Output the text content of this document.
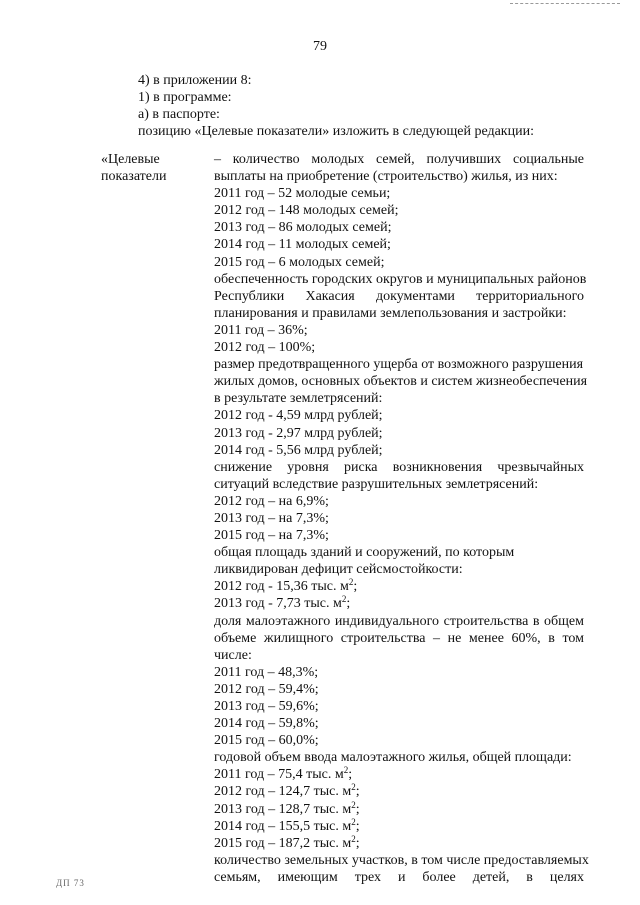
79
4) в приложении 8:
1) в программе:
а) в паспорте:
позицию «Целевые показатели» изложить в следующей редакции:
«Целевые
показатели
– количество молодых семей, получивших социальные
выплаты на приобретение (строительство) жилья, из них:
2011 год – 52 молодые семьи;
2012 год – 148 молодых семей;
2013 год – 86 молодых семей;
2014 год – 11 молодых семей;
2015 год – 6 молодых семей;
обеспеченность городских округов и муниципальных районов
Республики Хакасия документами территориального
планирования и правилами землепользования и застройки:
2011 год – 36%;
2012 год – 100%;
размер предотвращенного ущерба от возможного разрушения
жилых домов, основных объектов и систем жизнеобеспечения
в результате землетрясений:
2012 год - 4,59 млрд рублей;
2013 год - 2,97 млрд рублей;
2014 год - 5,56 млрд рублей;
снижение уровня риска возникновения чрезвычайных
ситуаций вследствие разрушительных землетрясений:
2012 год – на 6,9%;
2013 год – на 7,3%;
2015 год – на 7,3%;
общая площадь зданий и сооружений, по которым
ликвидирован дефицит сейсмостойкости:
2012 год - 15,36 тыс. $м^2$;
2013 год - 7,73 тыс. $м^2$;
доля малоэтажного индивидуального строительства в общем
объеме жилищного строительства – не менее 60%, в том
числе:
2011 год – 48,3%;
2012 год – 59,4%;
2013 год – 59,6%;
2014 год – 59,8%;
2015 год – 60,0%;
годовой объем ввода малоэтажного жилья, общей площади:
2011 год – 75,4 тыс. $м^2$;
2012 год – 124,7 тыс. $м^2$;
2013 год – 128,7 тыс. $м^2$;
2014 год – 155,5 тыс. $м^2$;
2015 год – 187,2 тыс. $м^2$;
количество земельных участков, в том числе предоставляемых
семьям, имеющим трех и более детей, в целях
ДП 73
